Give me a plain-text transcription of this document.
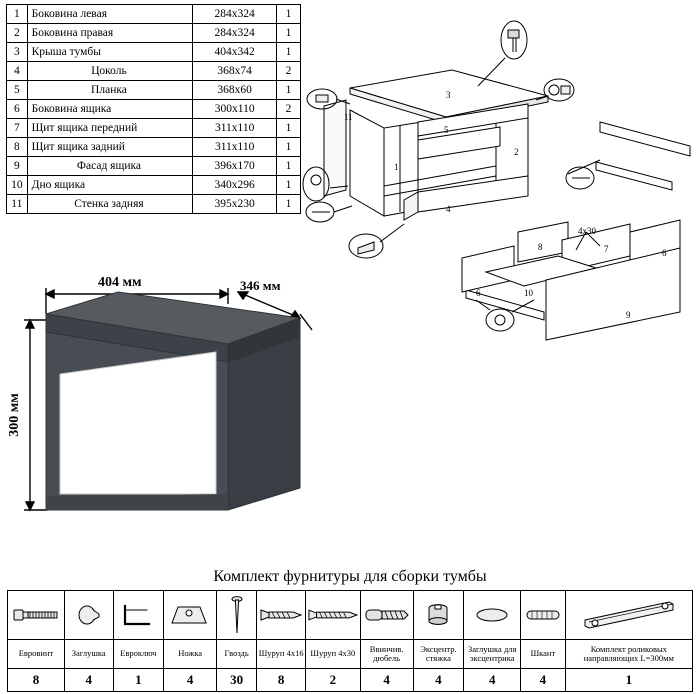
1	Боковина левая	284х324	1
2	Боковина правая	284х324	1
3	Крыша тумбы	404х342	1
4	Цоколь	368х74	2
5	Планка	368х60	1
6	Боковина ящика	300х110	2
7	Щит ящика передний	311х110	1
8	Щит ящика задний	311х110	1
9	Фасад ящика	396х170	1
10	Дно ящика	340х296	1
11	Стенка задняя	395х230	1
3
1
2
4
5
11
8	7	6
6	10
9
4х30
404 мм	346 мм
300 мм
Комплект фурнитуры для сборки тумбы

Евровинт	Заглушка	Евроключ	Ножка	Гвоздь	Шуруп 4х16	Шуруп 4х30	Ввинчив. дюбель	Эксцентр. стяжка	Заглушка для эксцентрика	Шкант	Комплект роликовых направляющих L=300мм
8	4	1	4	30	8	2	4	4	4	4	1
